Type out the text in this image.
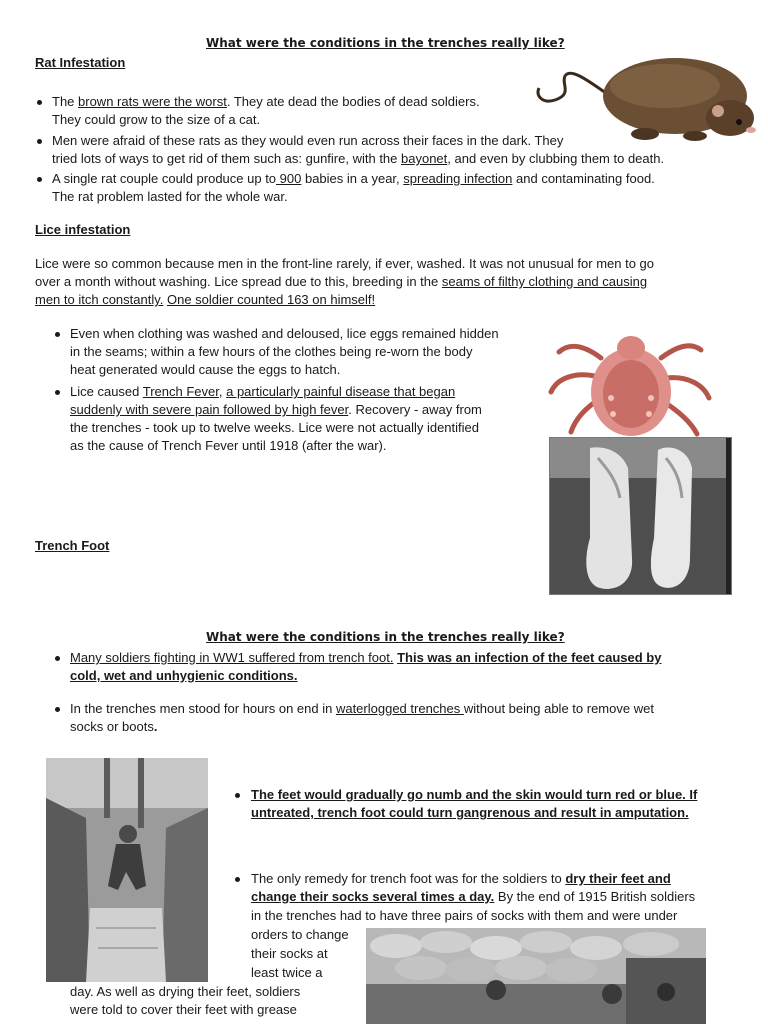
What were the conditions in the trenches really like?
Rat Infestation
The brown rats were the worst. They ate dead the bodies of dead soldiers.
They could grow to the size of a cat.
Men were afraid of these rats as they would even run across their faces in the dark. They
tried lots of ways to get rid of them such as: gunfire, with the bayonet, and even by clubbing them to death.
A single rat couple could produce up to 900 babies in a year, spreading infection and contaminating food.
The rat problem lasted for the whole war.
Lice infestation
Lice were so common because men in the front-line rarely, if ever, washed. It was not unusual for men to go
over a month without washing. Lice spread due to this, breeding in the seams of filthy clothing and causing
men to itch constantly. One soldier counted 163 on himself!
Even when clothing was washed and deloused, lice eggs remained hidden
in the seams; within a few hours of the clothes being re-worn the body
heat generated would cause the eggs to hatch.
Lice caused Trench Fever, a particularly painful disease that began
suddenly with severe pain followed by high fever. Recovery - away from
the trenches - took up to twelve weeks. Lice were not actually identified
as the cause of Trench Fever until 1918 (after the war).
Trench Foot
What were the conditions in the trenches really like?
Many soldiers fighting in WW1 suffered from trench foot. This was an infection of the feet caused by
cold, wet and unhygienic conditions.
In the trenches men stood for hours on end in waterlogged trenches without being able to remove wet
socks or boots.
The feet would gradually go numb and the skin would turn red or blue. If
untreated, trench foot could turn gangrenous and result in amputation.
The only remedy for trench foot was for the soldiers to dry their feet and
change their socks several times a day. By the end of 1915 British soldiers
in the trenches had to have three pairs of socks with them and were under
orders to change
their socks at
least twice a
day. As well as drying their feet, soldiers
were told to cover their feet with grease
